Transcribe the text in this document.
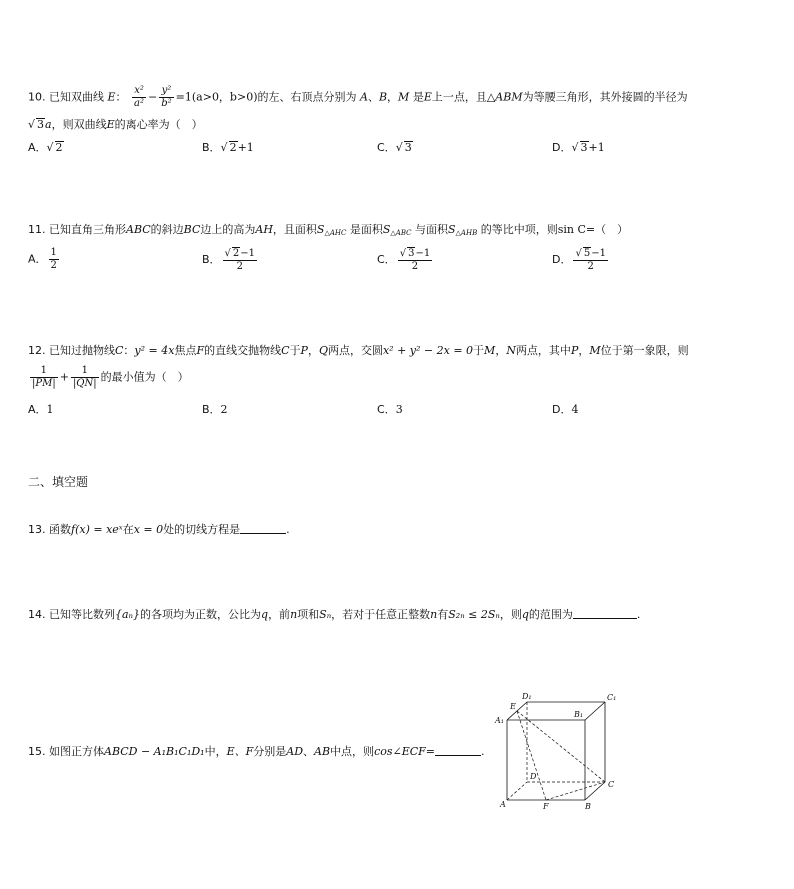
10. 已知双曲线 E： $\frac{\text{x²}}{\text{a²}} - \frac{\text{y²}}{\text{b²}} =1(a>0$，b>0)的左、右顶点分别为 A、B，M 是E上一点，且△ABM为等腰三角形，其外接圆的半径为
√ 3a，则双曲线E的离心率为（　）
A．√ 2	B．√ 2+1	C．√ 3	D．√ 3+1
11. 已知直角三角形ABC的斜边BC边上的高为AH，且面积$S_{\triangle AHC}$ 是面积$S_{\triangle ABC}$ 与面积$S_{\triangle AHB}$ 的等比中项，则sin C=（　）
A． $\frac{1}{2}$	B． $\frac{√ 2-1}{2}$	C． $\frac{√ 3-1}{2}$	D． $\frac{√ 5-1}{2}$
12. 已知过抛物线C：y² = 4x焦点F的直线交抛物线C于P，Q两点，交圆x² + y² − 2x = 0于M，N两点，其中P，M位于第一象限，则
$\frac{1}{|PM|} + \frac{1}{|QN|}$ 的最小值为（　）
A．1	B．2	C．3	D．4
二、填空题
13. 函数f(x) = xeˣ在x = 0处的切线方程是	.
14. 已知等比数列{aₙ}的各项均为正数，公比为q，前n项和Sₙ，若对于任意正整数n有S₂ₙ ≤ 2Sₙ，则q的范围为	.
15. 如图正方体ABCD − A₁B₁C₁D₁中，E、F分别是AD、AB中点，则cos∠ECF=	.
D₁	C₁
A₁
B₁
E
D
C
A	F	B
